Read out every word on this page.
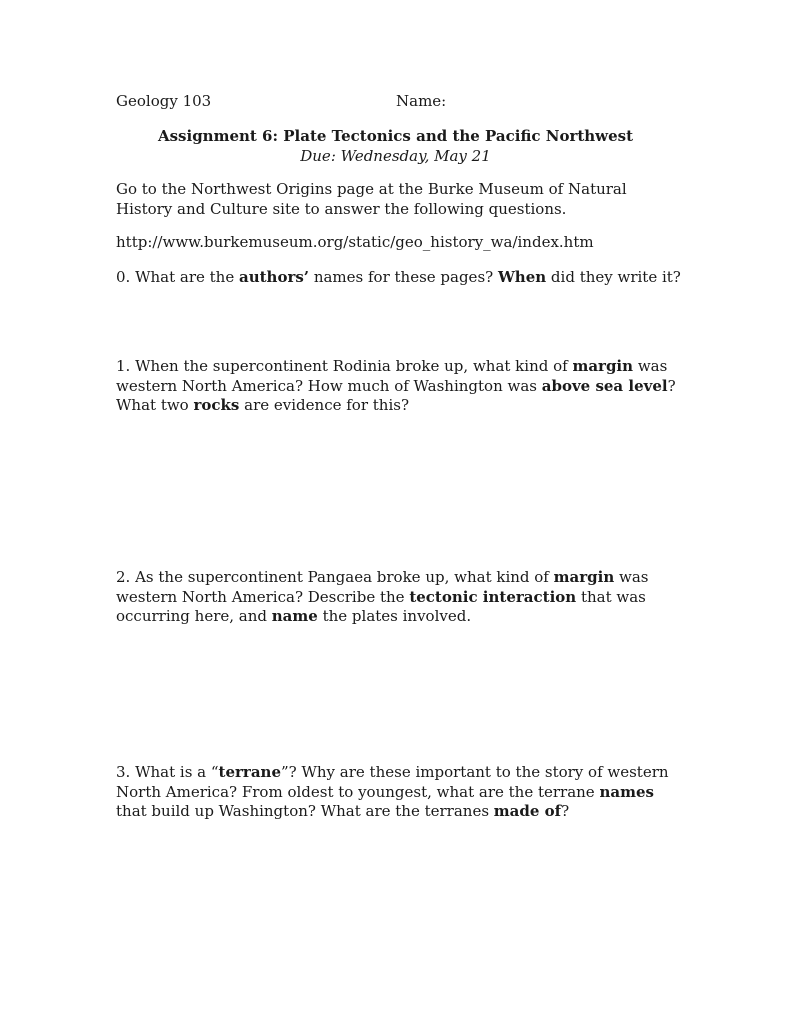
Geology 103	Name:
Assignment 6: Plate Tectonics and the Pacific Northwest
Due: Wednesday, May 21

Go to the Northwest Origins page at the Burke Museum of Natural History and Culture site to answer the following questions.

http://www.burkemuseum.org/static/geo_history_wa/index.htm

0. What are the authors’ names for these pages? When did they write it?

1. When the supercontinent Rodinia broke up, what kind of margin was western North America? How much of Washington was above sea level? What two rocks are evidence for this?

2. As the supercontinent Pangaea broke up, what kind of margin was western North America? Describe the tectonic interaction that was occurring here, and name the plates involved.

3. What is a “terrane”? Why are these important to the story of western North America? From oldest to youngest, what are the terrane names that build up Washington? What are the terranes made of?
